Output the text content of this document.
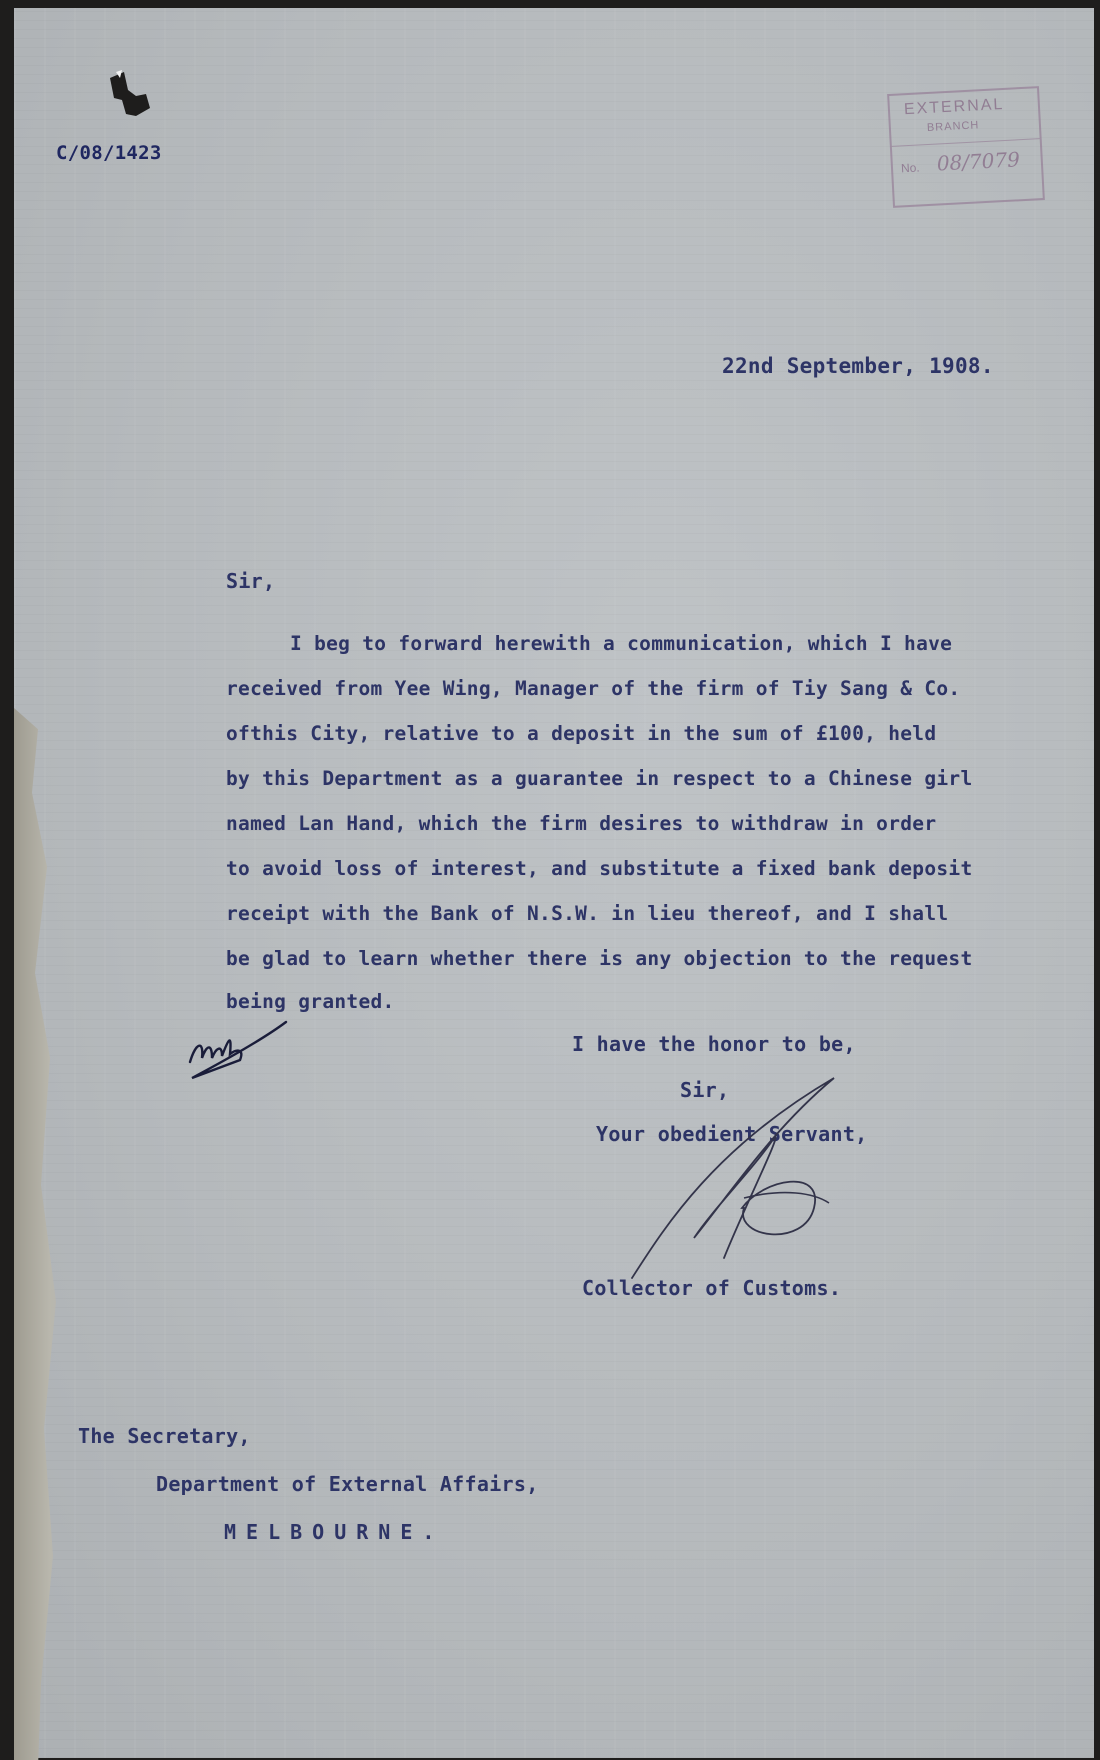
C/08/1423
EXTERNAL
BRANCH
No. 08/7079
22nd September, 1908.
Sir,
I beg to forward herewith a communication, which I have
received from Yee Wing, Manager of the firm of Tiy Sang & Co.
ofthis City, relative to a deposit in the sum of £100, held
by this Department as a guarantee in respect to a Chinese girl
named Lan Hand, which the firm desires to withdraw in order
to avoid loss of interest, and substitute a fixed bank deposit
receipt with the Bank of N.S.W. in lieu thereof, and I shall
be glad to learn whether there is any objection to the request
being granted.
I have the honor to be,
Sir,
Your obedient Servant,
Collector of Customs.
The Secretary,
Department of External Affairs,
MELBOURNE.
